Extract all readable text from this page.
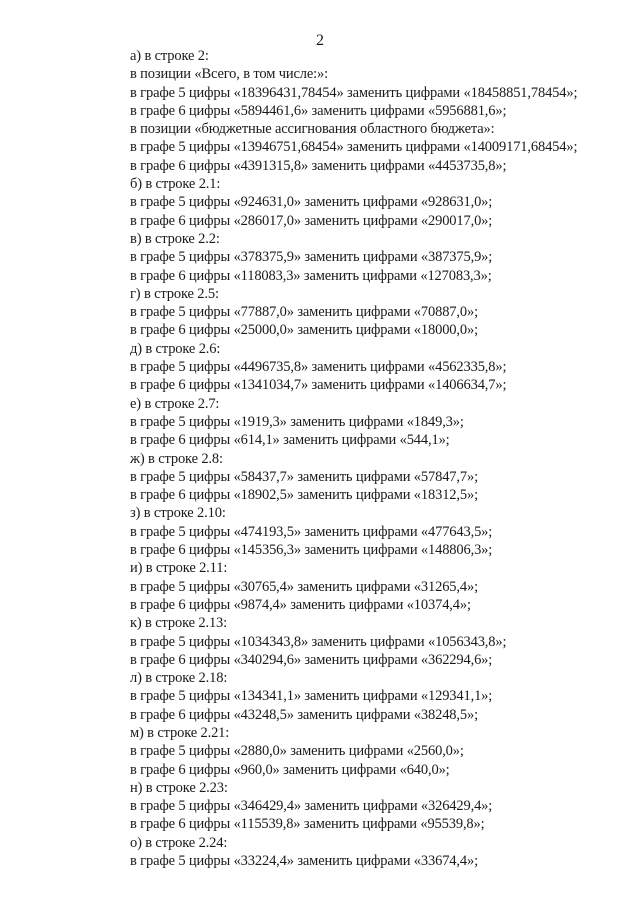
2
а) в строке 2:
в позиции «Всего, в том числе:»:
в графе 5 цифры «18396431,78454» заменить цифрами «18458851,78454»;
в графе 6 цифры «5894461,6» заменить цифрами «5956881,6»;
в позиции «бюджетные ассигнования областного бюджета»:
в графе 5 цифры «13946751,68454» заменить цифрами «14009171,68454»;
в графе 6 цифры «4391315,8» заменить цифрами «4453735,8»;
б) в строке 2.1:
в графе 5 цифры «924631,0» заменить цифрами «928631,0»;
в графе 6 цифры «286017,0» заменить цифрами «290017,0»;
в) в строке 2.2:
в графе 5 цифры «378375,9» заменить цифрами «387375,9»;
в графе 6 цифры «118083,3» заменить цифрами «127083,3»;
г) в строке 2.5:
в графе 5 цифры «77887,0» заменить цифрами «70887,0»;
в графе 6 цифры «25000,0» заменить цифрами «18000,0»;
д) в строке 2.6:
в графе 5 цифры «4496735,8» заменить цифрами «4562335,8»;
в графе 6 цифры «1341034,7» заменить цифрами «1406634,7»;
е) в строке 2.7:
в графе 5 цифры «1919,3» заменить цифрами «1849,3»;
в графе 6 цифры «614,1» заменить цифрами «544,1»;
ж) в строке 2.8:
в графе 5 цифры «58437,7» заменить цифрами «57847,7»;
в графе 6 цифры «18902,5» заменить цифрами «18312,5»;
з) в строке 2.10:
в графе 5 цифры «474193,5» заменить цифрами «477643,5»;
в графе 6 цифры «145356,3» заменить цифрами «148806,3»;
и) в строке 2.11:
в графе 5 цифры «30765,4» заменить цифрами «31265,4»;
в графе 6 цифры «9874,4» заменить цифрами «10374,4»;
к) в строке 2.13:
в графе 5 цифры «1034343,8» заменить цифрами «1056343,8»;
в графе 6 цифры «340294,6» заменить цифрами «362294,6»;
л) в строке 2.18:
в графе 5 цифры «134341,1» заменить цифрами «129341,1»;
в графе 6 цифры «43248,5» заменить цифрами «38248,5»;
м) в строке 2.21:
в графе 5 цифры «2880,0» заменить цифрами «2560,0»;
в графе 6 цифры «960,0» заменить цифрами «640,0»;
н) в строке 2.23:
в графе 5 цифры «346429,4» заменить цифрами «326429,4»;
в графе 6 цифры «115539,8» заменить цифрами «95539,8»;
о) в строке 2.24:
в графе 5 цифры «33224,4» заменить цифрами «33674,4»;
